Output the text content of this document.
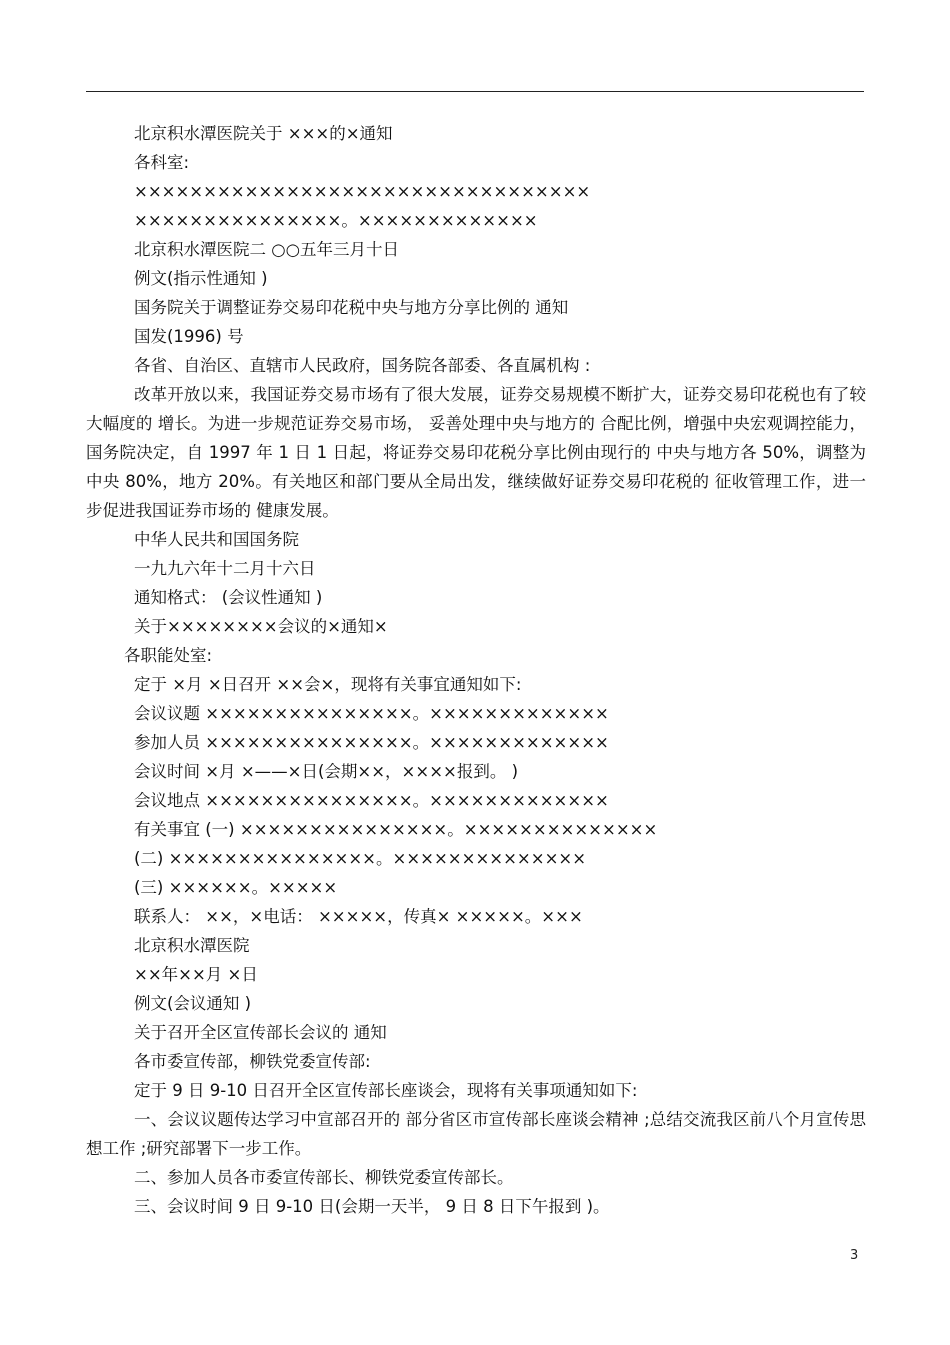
北京积水潭医院关于 ×××的×通知
各科室:
×××××××××××××××××××××××××××××××××
×××××××××××××××。×××××××××××××
北京积水潭医院二 ○○五年三月十日
例文(指示性通知 )
国务院关于调整证券交易印花税中央与地方分享比例的 通知
国发(1996) 号
各省、自治区、直辖市人民政府，国务院各部委、各直属机构 :
改革开放以来，我国证券交易市场有了很大发展，证券交易规模不断扩大，证券交易印花税也有了较大幅度的 增长。为进一步规范证券交易市场， 妥善处理中央与地方的 合配比例，增强中央宏观调控能力，国务院决定，自 1997 年 1 日 1 日起，将证券交易印花税分享比例由现行的 中央与地方各 50%，调整为中央 80%，地方 20%。有关地区和部门要从全局出发，继续做好证券交易印花税的 征收管理工作，进一步促进我国证券市场的 健康发展。
中华人民共和国国务院
一九九六年十二月十六日
通知格式： (会议性通知 )
关于××××××××会议的×通知×
各职能处室:
定于 ×月 ×日召开 ××会×，现将有关事宜通知如下:
会议议题 ×××××××××××××××。×××××××××××××
参加人员 ×××××××××××××××。×××××××××××××
会议时间 ×月 ×——×日(会期××，××××报到。 )
会议地点 ×××××××××××××××。×××××××××××××
有关事宜 (一) ×××××××××××××××。××××××××××××××
(二) ×××××××××××××××。××××××××××××××
(三) ××××××。×××××
联系人： ××，×电话： ×××××，传真× ×××××。×××
北京积水潭医院
××年××月 ×日
例文(会议通知 )
关于召开全区宣传部长会议的 通知
各市委宣传部，柳铁党委宣传部:
定于 9 日 9-10 日召开全区宣传部长座谈会，现将有关事项通知如下:
一、会议议题传达学习中宣部召开的 部分省区市宣传部长座谈会精神 ;总结交流我区前八个月宣传思想工作 ;研究部署下一步工作。
二、参加人员各市委宣传部长、柳铁党委宣传部长。
三、会议时间 9 日 9-10 日(会期一天半， 9 日 8 日下午报到 )。
3
